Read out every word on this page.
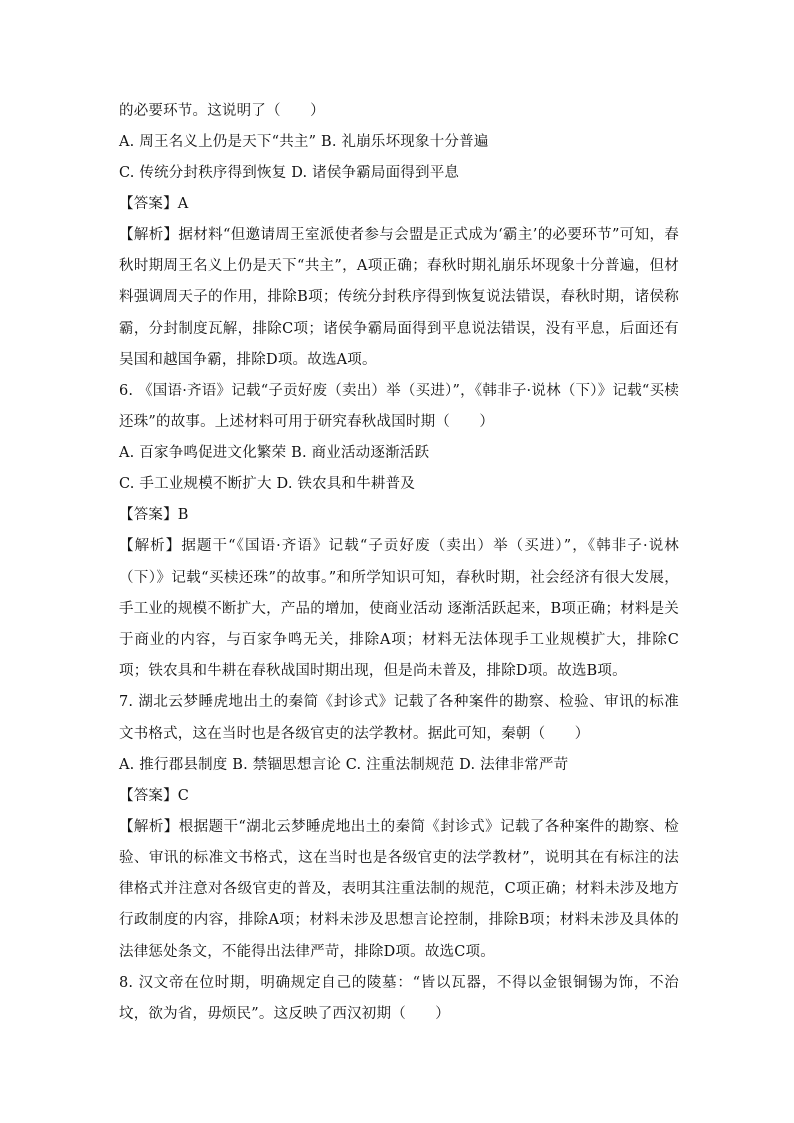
的必要环节。这说明了（　　）
A. 周王名义上仍是天下“共主” B. 礼崩乐坏现象十分普遍
C. 传统分封秩序得到恢复 D. 诸侯争霸局面得到平息
【答案】A
【解析】据材料“但邀请周王室派使者参与会盟是正式成为‘霸主’的必要环节”可知，春秋时期周王名义上仍是天下“共主”，A项正确；春秋时期礼崩乐坏现象十分普遍，但材料强调周天子的作用，排除B项；传统分封秩序得到恢复说法错误，春秋时期，诸侯称霸，分封制度瓦解，排除C项；诸侯争霸局面得到平息说法错误，没有平息，后面还有吴国和越国争霸，排除D项。故选A项。
6. 《国语·齐语》记载“子贡好废（卖出）举（买进）”，《韩非子·说林（下）》记载“买椟还珠”的故事。上述材料可用于研究春秋战国时期（　　）
A. 百家争鸣促进文化繁荣 B. 商业活动逐渐活跃
C. 手工业规模不断扩大 D. 铁农具和牛耕普及
【答案】B
【解析】据题干“《国语·齐语》记载“子贡好废（卖出）举（买进）”，《韩非子·说林（下）》记载“买椟还珠”的故事。”和所学知识可知，春秋时期，社会经济有很大发展，手工业的规模不断扩大，产品的增加，使商业活动 逐渐活跃起来，B项正确；材料是关于商业的内容，与百家争鸣无关，排除A项；材料无法体现手工业规模扩大，排除C项；铁农具和牛耕在春秋战国时期出现，但是尚未普及，排除D项。故选B项。
7. 湖北云梦睡虎地出土的秦简《封诊式》记载了各种案件的勘察、检验、审讯的标准文书格式，这在当时也是各级官吏的法学教材。据此可知，秦朝（　　）
A. 推行郡县制度 B. 禁锢思想言论 C. 注重法制规范 D. 法律非常严苛
【答案】C
【解析】根据题干“湖北云梦睡虎地出土的秦简《封诊式》记载了各种案件的勘察、检验、审讯的标准文书格式，这在当时也是各级官吏的法学教材”，说明其在有标注的法律格式并注意对各级官吏的普及，表明其注重法制的规范，C项正确；材料未涉及地方行政制度的内容，排除A项；材料未涉及思想言论控制，排除B项；材料未涉及具体的法律惩处条文，不能得出法律严苛，排除D项。故选C项。
8. 汉文帝在位时期，明确规定自己的陵墓：“皆以瓦器，不得以金银铜锡为饰，不治坟，欲为省，毋烦民”。这反映了西汉初期（　　）
